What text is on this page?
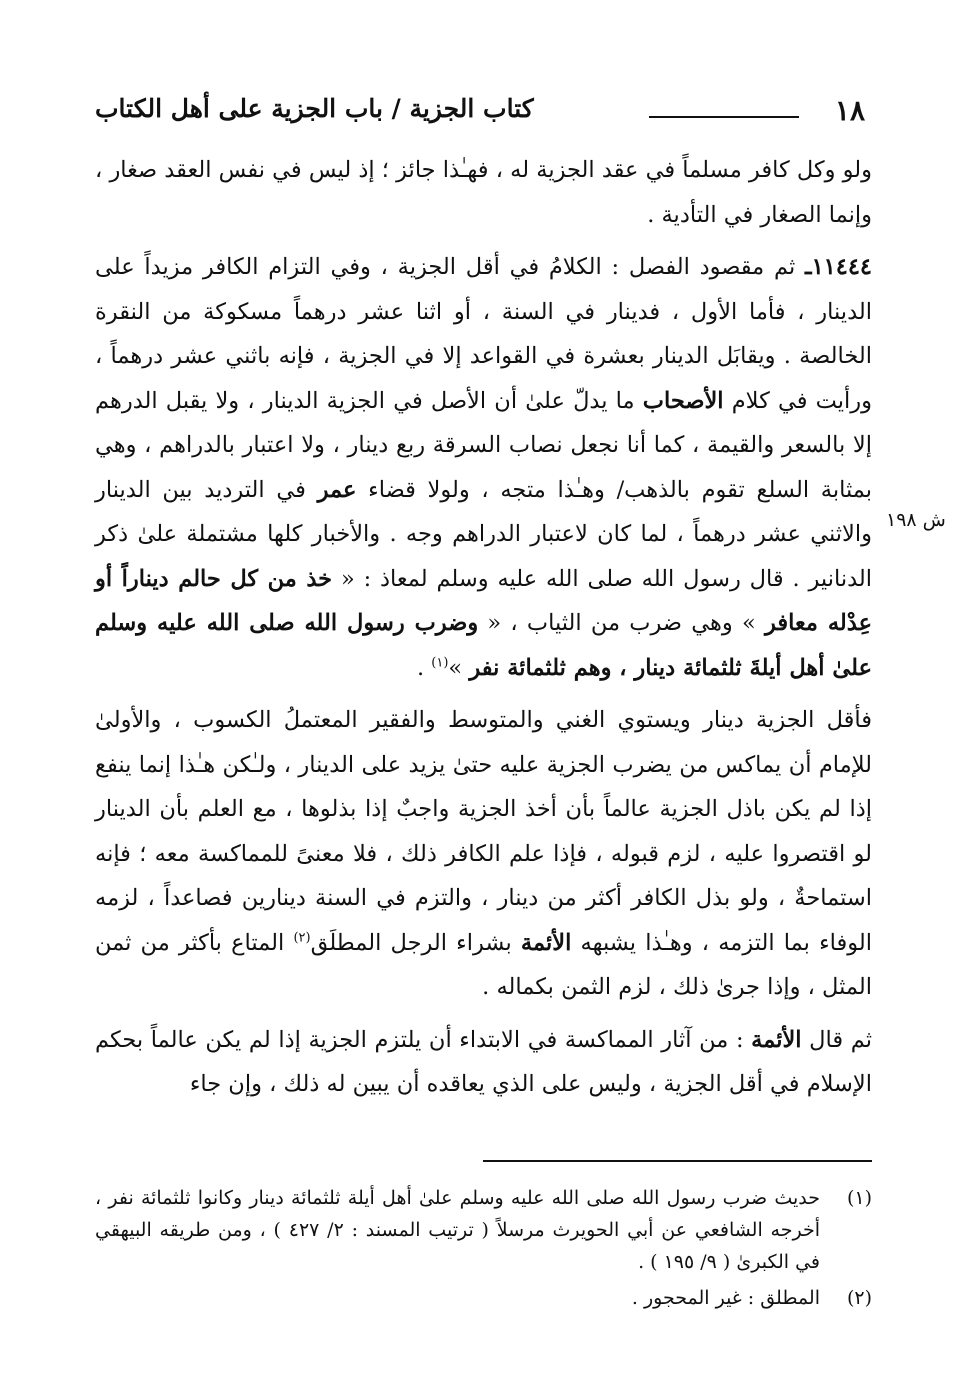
١٨
كتاب الجزية / باب الجزية على أهل الكتاب
ش ١٩٨

ولو وكل كافر مسلماً في عقد الجزية له ، فهـٰذا جائز ؛ إذ ليس في نفس العقد صغار ، وإنما الصغار في التأدية .

١١٤٤٤ـ ثم مقصود الفصل : الكلامُ في أقل الجزية ، وفي التزام الكافر مزيداً على الدينار ، فأما الأول ، فدينار في السنة ، أو اثنا عشر درهماً مسكوكة من النقرة الخالصة . ويقابَل الدينار بعشرة في القواعد إلا في الجزية ، فإنه باثني عشر درهماً ، ورأيت في كلام الأصحاب ما يدلّ علىٰ أن الأصل في الجزية الدينار ، ولا يقبل الدرهم إلا بالسعر والقيمة ، كما أنا نجعل نصاب السرقة ربع دينار ، ولا اعتبار بالدراهم ، وهي بمثابة السلع تقوم بالذهب/ وهـٰذا متجه ، ولولا قضاء عمر في الترديد بين الدينار والاثني عشر درهماً ، لما كان لاعتبار الدراهم وجه . والأخبار كلها مشتملة علىٰ ذكر الدنانير . قال رسول الله صلى الله عليه وسلم لمعاذ : « خذ من كل حالم ديناراً أو عِدْله معافر » وهي ضرب من الثياب ، « وضرب رسول الله صلى الله عليه وسلم علىٰ أهل أيلةَ ثلثمائة دينار ، وهم ثلثمائة نفر »$^{(١)}$ .

فأقل الجزية دينار ويستوي الغني والمتوسط والفقير المعتملُ الكسوب ، والأولىٰ للإمام أن يماكس من يضرب الجزية عليه حتىٰ يزيد على الدينار ، ولـٰكن هـٰذا إنما ينفع إذا لم يكن باذل الجزية عالماً بأن أخذ الجزية واجبٌ إذا بذلوها ، مع العلم بأن الدينار لو اقتصروا عليه ، لزم قبوله ، فإذا علم الكافر ذلك ، فلا معنىً للمماكسة معه ؛ فإنه استماحةٌ ، ولو بذل الكافر أكثر من دينار ، والتزم في السنة دينارين فصاعداً ، لزمه الوفاء بما التزمه ، وهـٰذا يشبهه الأئمة بشراء الرجل المطلَق$^{(٢)}$ المتاع بأكثر من ثمن المثل ، وإذا جرىٰ ذلك ، لزم الثمن بكماله .

ثم قال الأئمة : من آثار المماكسة في الابتداء أن يلتزم الجزية إذا لم يكن عالماً بحكم الإسلام في أقل الجزية ، وليس على الذي يعاقده أن يبين له ذلك ، وإن جاء

(١)
حديث ضرب رسول الله صلى الله عليه وسلم علىٰ أهل أيلة ثلثمائة دينار وكانوا ثلثمائة نفر ، أخرجه الشافعي عن أبي الحويرث مرسلاً ( ترتيب المسند : ٢/ ٤٢٧ ) ، ومن طريقه البيهقي في الكبرىٰ ( ٩/ ١٩٥ ) .
(٢)
المطلق : غير المحجور .
